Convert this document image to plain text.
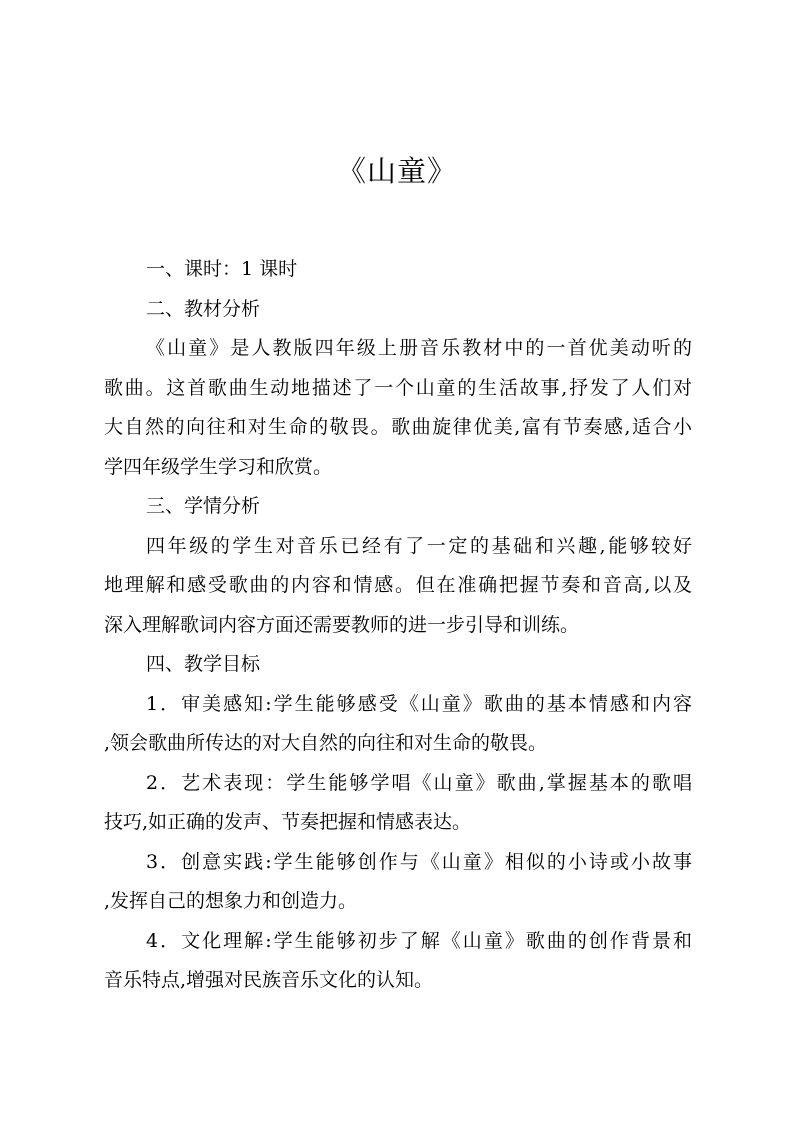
《山童》
一、课时：1 课时
二、教材分析
《山童》是人教版四年级上册音乐教材中的一首优美动听的
歌曲。这首歌曲生动地描述了一个山童的生活故事,抒发了人们对
大自然的向往和对生命的敬畏。歌曲旋律优美,富有节奏感,适合小
学四年级学生学习和欣赏。
三、学情分析
四年级的学生对音乐已经有了一定的基础和兴趣,能够较好
地理解和感受歌曲的内容和情感。但在准确把握节奏和音高,以及
深入理解歌词内容方面还需要教师的进一步引导和训练。
四、教学目标
1．审美感知:学生能够感受《山童》歌曲的基本情感和内容
,领会歌曲所传达的对大自然的向往和对生命的敬畏。
2．艺术表现：学生能够学唱《山童》歌曲,掌握基本的歌唱
技巧,如正确的发声、节奏把握和情感表达。
3．创意实践:学生能够创作与《山童》相似的小诗或小故事
,发挥自己的想象力和创造力。
4．文化理解:学生能够初步了解《山童》歌曲的创作背景和
音乐特点,增强对民族音乐文化的认知。
